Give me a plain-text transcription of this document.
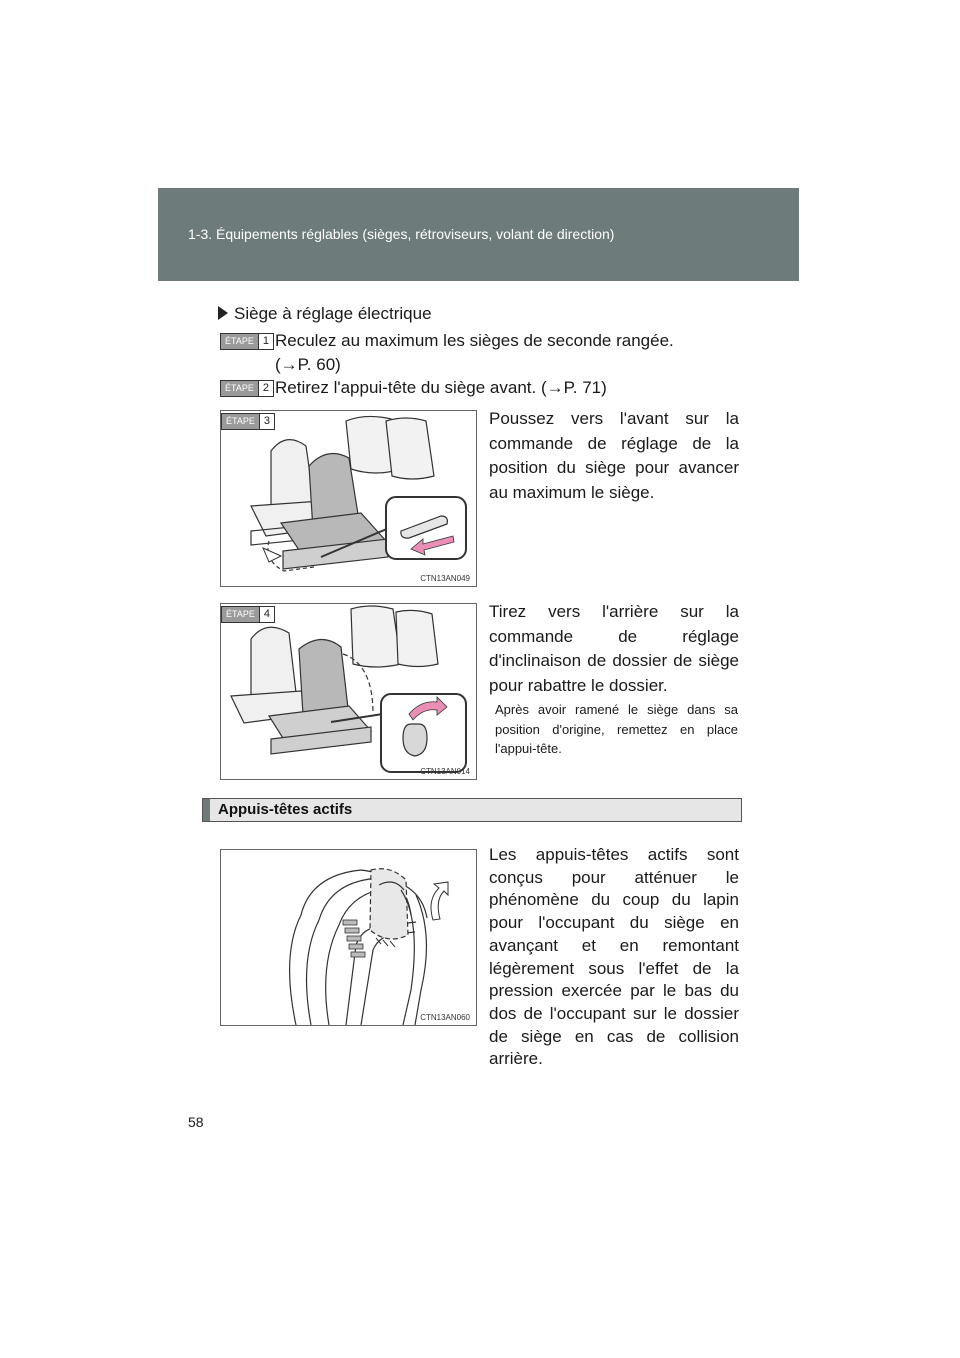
1-3. Équipements réglables (sièges, rétroviseurs, volant de direction)
Siège à réglage électrique
ÉTAPE 1 Reculez au maximum les sièges de seconde rangée.
(→P. 60)
ÉTAPE 2 Retirez l'appui-tête du siège avant. (→P. 71)
ÉTAPE 3
CTN13AN049
Poussez vers l'avant sur la commande de réglage de la position du siège pour avancer au maximum le siège.
ÉTAPE 4
CTN13AN014
Tirez vers l'arrière sur la commande de réglage d'inclinaison de dossier de siège pour rabattre le dossier.
Après avoir ramené le siège dans sa position d'origine, remettez en place l'appui-tête.
Appuis-têtes actifs
CTN13AN060
Les appuis-têtes actifs sont conçus pour atténuer le phénomène du coup du lapin pour l'occupant du siège en avançant et en remontant légèrement sous l'effet de la pression exercée par le bas du dos de l'occupant sur le dossier de siège en cas de collision arrière.
58
